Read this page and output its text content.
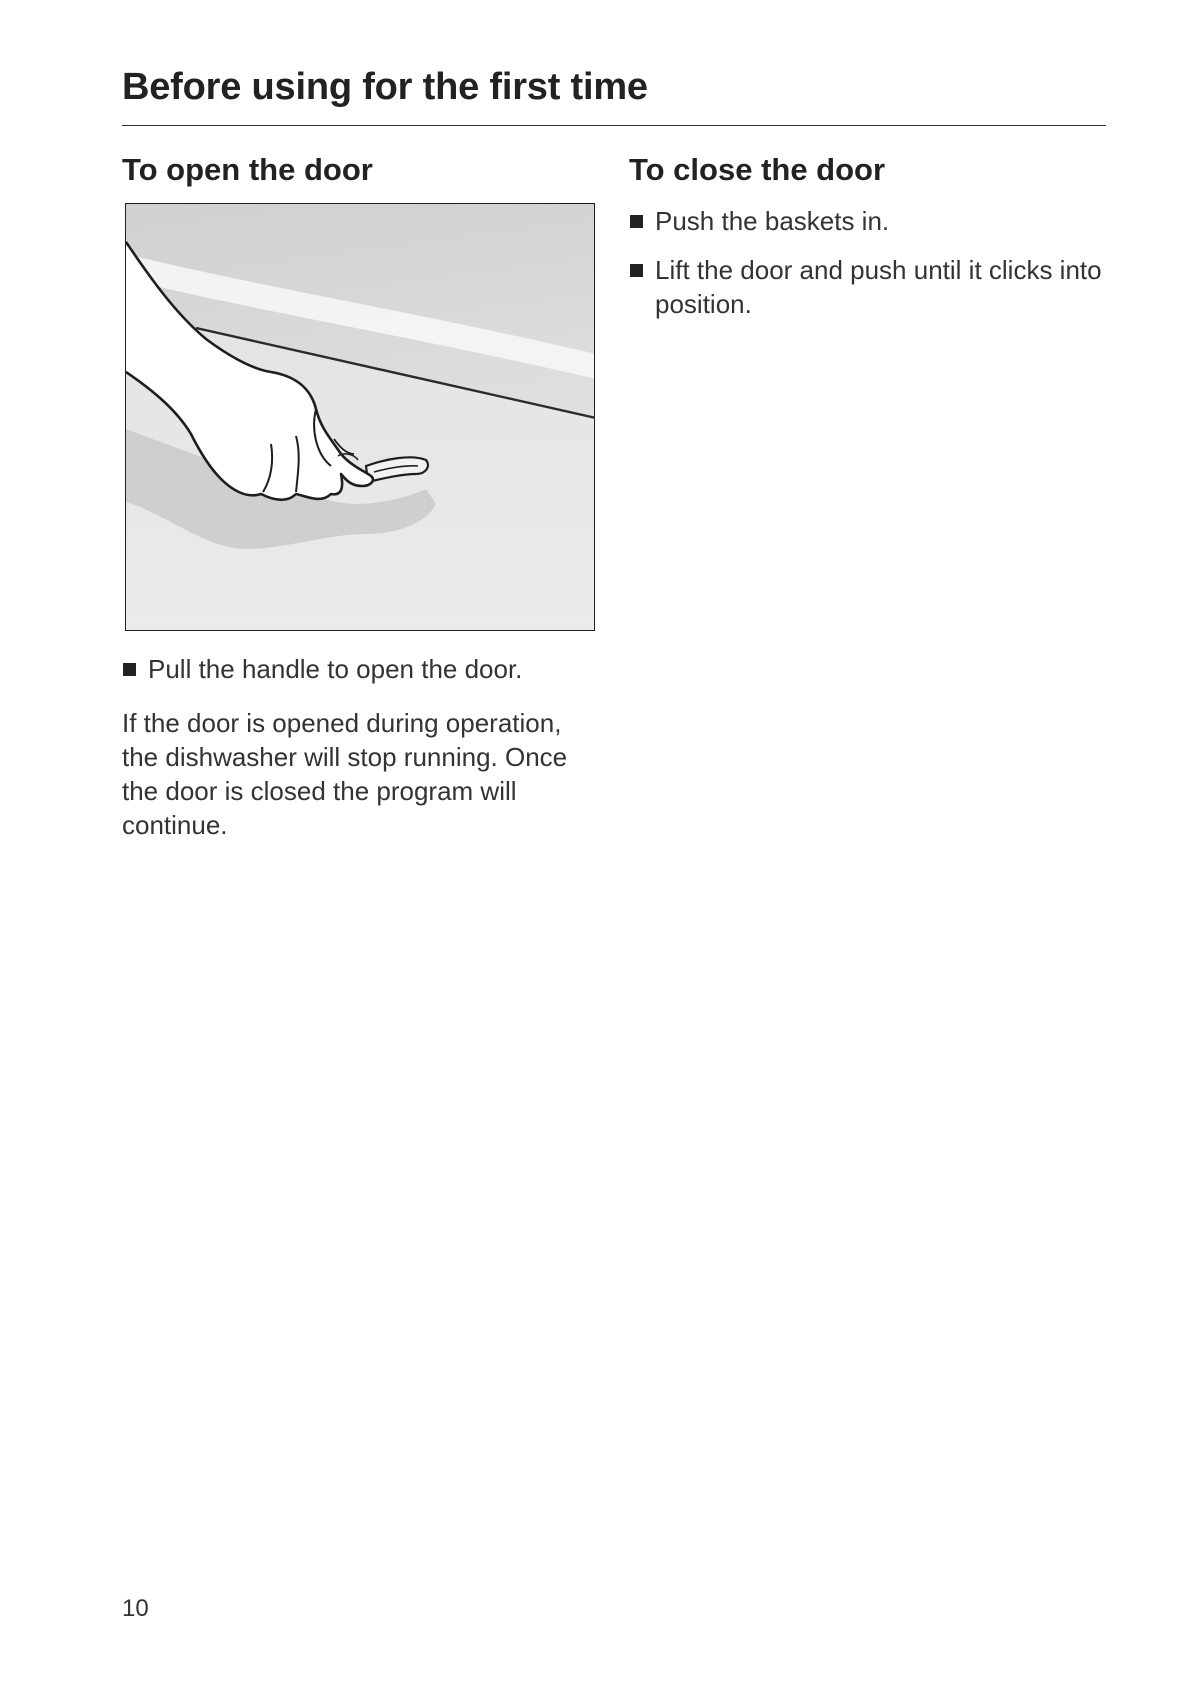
Before using for the first time
To open the door
Pull the handle to open the door.

If the door is opened during operation, the dishwasher will stop running. Once the door is closed the program will continue.

To close the door
Push the baskets in.
Lift the door and push until it clicks into position.
10
